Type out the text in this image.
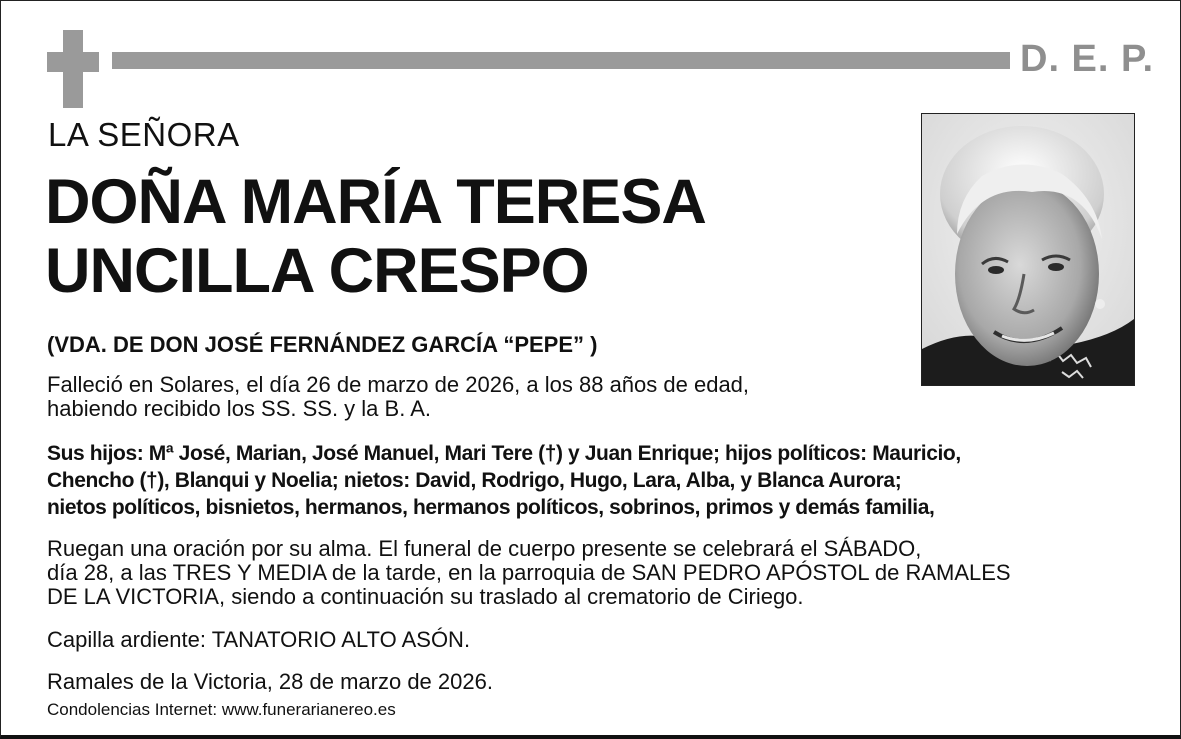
D. E. P.
LA SEÑORA
DOÑA MARÍA TERESA
UNCILLA CRESPO
(VDA. DE DON JOSÉ FERNÁNDEZ GARCÍA “PEPE” )
Falleció en Solares, el día 26 de marzo de 2026, a los 88 años de edad,
habiendo recibido los SS. SS. y la B. A.
Sus hijos: Mª José, Marian, José Manuel, Mari Tere (†) y Juan Enrique; hijos políticos: Mauricio,
Chencho (†), Blanqui y Noelia; nietos: David, Rodrigo, Hugo, Lara, Alba, y Blanca Aurora;
nietos políticos, bisnietos, hermanos, hermanos políticos, sobrinos, primos y demás familia,
Ruegan una oración por su alma. El funeral de cuerpo presente se celebrará el SÁBADO,
día 28, a las TRES Y MEDIA de la tarde, en la parroquia de SAN PEDRO APÓSTOL de RAMALES
DE LA VICTORIA, siendo a continuación su traslado al crematorio de Ciriego.
Capilla ardiente: TANATORIO ALTO ASÓN.
Ramales de la Victoria, 28 de marzo de 2026.
Condolencias Internet: www.funerarianereo.es
